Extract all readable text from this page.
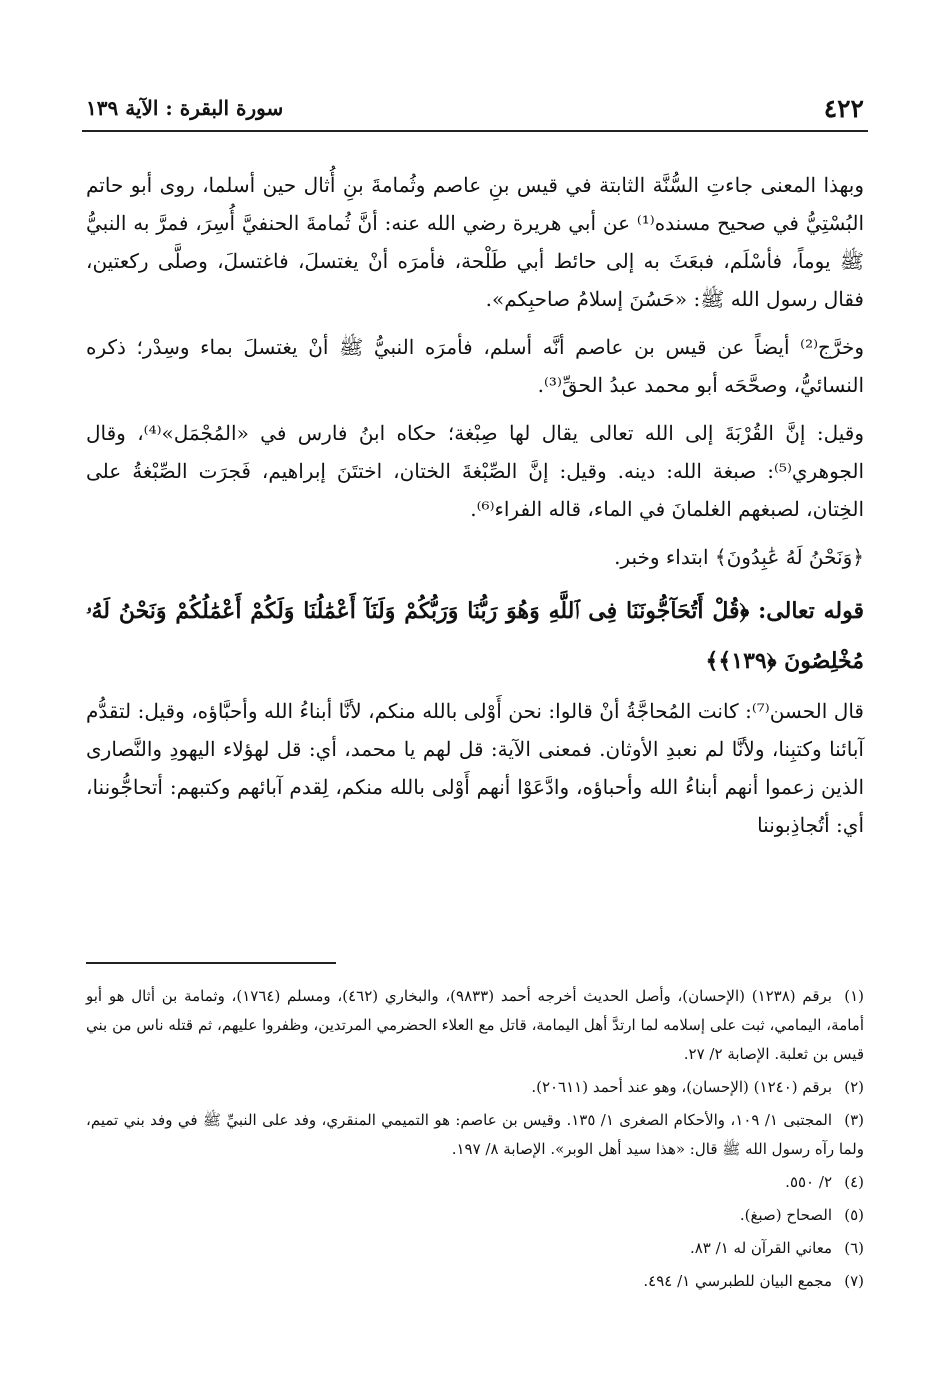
٤٢٢
سورة البقرة : الآية ١٣٩

وبهذا المعنى جاءتِ السُّنَّة الثابتة في قيس بنِ عاصم وثُمامةَ بنِ أُثال حين أسلما، روى أبو حاتم البُسْتِيُّ في صحيح مسنده⁽¹⁾ عن أبي هريرة رضي الله عنه: أنَّ ثُمامةَ الحنفيَّ أُسِرَ، فمرَّ به النبيُّ ﷺ يوماً، فأسْلَم، فبعَثَ به إلى حائط أبي طَلْحة، فأمرَه أنْ يغتسلَ، فاغتسلَ، وصلَّى ركعتين، فقال رسول الله ﷺ: «حَسُنَ إسلامُ صاحبِكم».

وخرَّج⁽²⁾ أيضاً عن قيس بن عاصم أنَّه أسلم، فأمرَه النبيُّ ﷺ أنْ يغتسلَ بماء وسِدْر؛ ذكره النسائيُّ، وصحَّحَه أبو محمد عبدُ الحقِّ⁽³⁾.

وقيل: إنَّ القُرْبَةَ إلى الله تعالى يقال لها صِبْغة؛ حكاه ابنُ فارس في «المُجْمَل»⁽⁴⁾، وقال الجوهري⁽⁵⁾: صبغة الله: دينه. وقيل: إنَّ الصِّبْغةَ الختان، اختتَنَ إبراهيم، فَجرَت الصِّبْغةُ على الخِتان، لصبغهم الغلمانَ في الماء، قاله الفراء⁽⁶⁾.

﴿وَنَحْنُ لَهُ عَٰبِدُونَ﴾ ابتداء وخبر.

قوله تعالى: ﴿قُلْ أَتُحَآجُّونَنَا فِى ٱللَّهِ وَهُوَ رَبُّنَا وَرَبُّكُمْ وَلَنَآ أَعْمَٰلُنَا وَلَكُمْ أَعْمَٰلُكُمْ وَنَحْنُ لَهُۥ مُخْلِصُونَ ﴿١٣٩﴾﴾

قال الحسن⁽⁷⁾: كانت المُحاجَّةُ أنْ قالوا: نحن أَوْلى بالله منكم، لأنَّا أبناءُ الله وأحبَّاؤه، وقيل: لتقدُّم آبائنا وكتبِنا، ولأنَّا لم نعبدِ الأوثان. فمعنى الآية: قل لهم يا محمد، أي: قل لهؤلاء اليهودِ والنَّصارى الذين زعموا أنهم أبناءُ الله وأحباؤه، وادَّعَوْا أنهم أَوْلى بالله منكم، لِقدم آبائهم وكتبهم: أتحاجُّوننا، أي: أتُجاذِبوننا

(١)برقم (١٢٣٨) (الإحسان)، وأصل الحديث أخرجه أحمد (٩٨٣٣)، والبخاري (٤٦٢)، ومسلم (١٧٦٤)، وثمامة بن أثال هو أبو أمامة، اليمامي، ثبت على إسلامه لما ارتدَّ أهل اليمامة، قاتل مع العلاء الحضرمي المرتدين، وظفروا عليهم، ثم قتله ناس من بني قيس بن ثعلبة. الإصابة ٢/ ٢٧.

(٢)برقم (١٢٤٠) (الإحسان)، وهو عند أحمد (٢٠٦١١).

(٣)المجتبى ١/ ١٠٩، والأحكام الصغرى ١/ ١٣٥. وقيس بن عاصم: هو التميمي المنقري، وفد على النبيِّ ﷺ في وفد بني تميم، ولما رآه رسول الله ﷺ قال: «هذا سيد أهل الوبر». الإصابة ٨/ ١٩٧.

(٤)٢/ ٥٥٠.

(٥)الصحاح (صبغ).

(٦)معاني القرآن له ١/ ٨٣.

(٧)مجمع البيان للطبرسي ١/ ٤٩٤.
